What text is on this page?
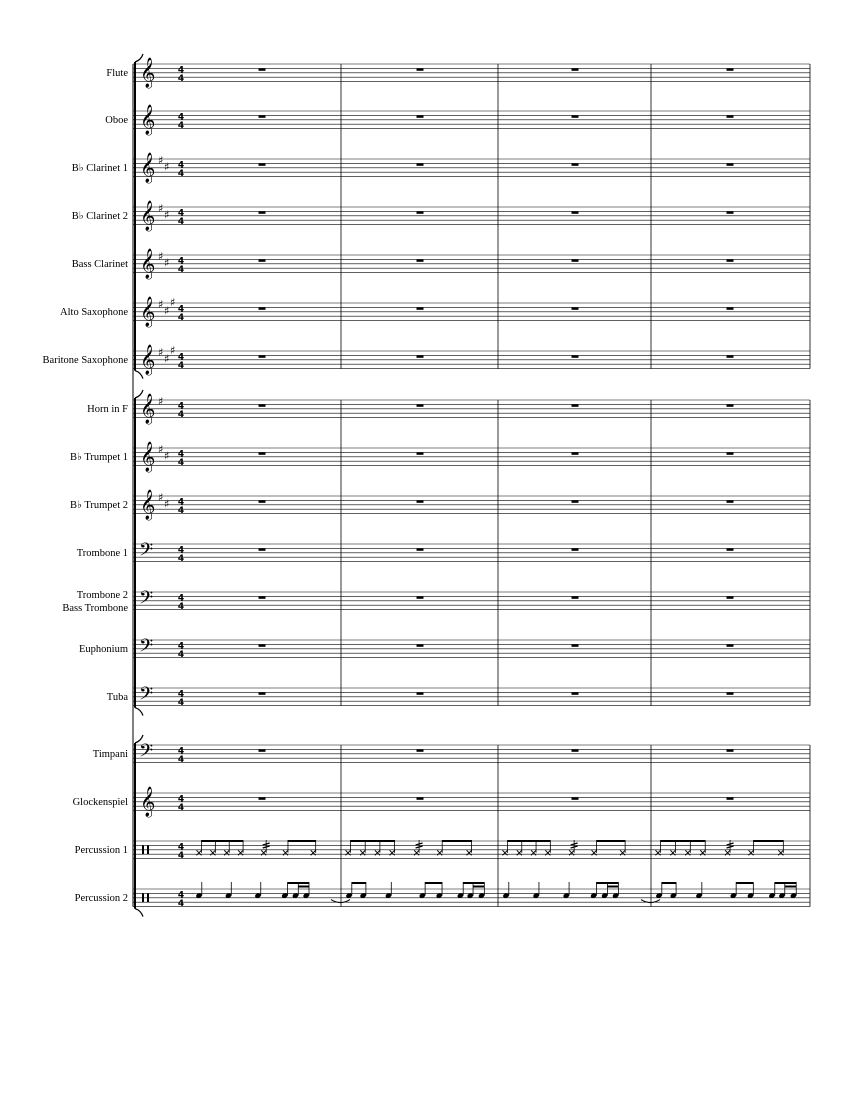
Flute
Oboe
B♭ Clarinet 1
B♭ Clarinet 2
Bass Clarinet
Alto Saxophone
Baritone Saxophone
Horn in F
B♭ Trumpet 1
B♭ Trumpet 2
Trombone 1
Trombone 2
Bass Trombone
Euphonium
Tuba
Timpani
Glockenspiel
Percussion 1
Percussion 2
𝄞 4
4
𝄞 4
4
𝄞 ♯
♯ 4
4
𝄞 ♯
♯ 4
4
𝄞 ♯
♯ 4
4
𝄞 ♯
♯
♯
4
4
𝄞 ♯
♯
♯
4
4
𝄞 ♯ 4
4
𝄞 ♯
♯ 4
4
𝄞 ♯
♯ 4
4
𝄢	4
4
𝄢	4
4
𝄢	4
4
𝄢	4
4
𝄢	4
4
𝄞 4
4
4
4
4
4
